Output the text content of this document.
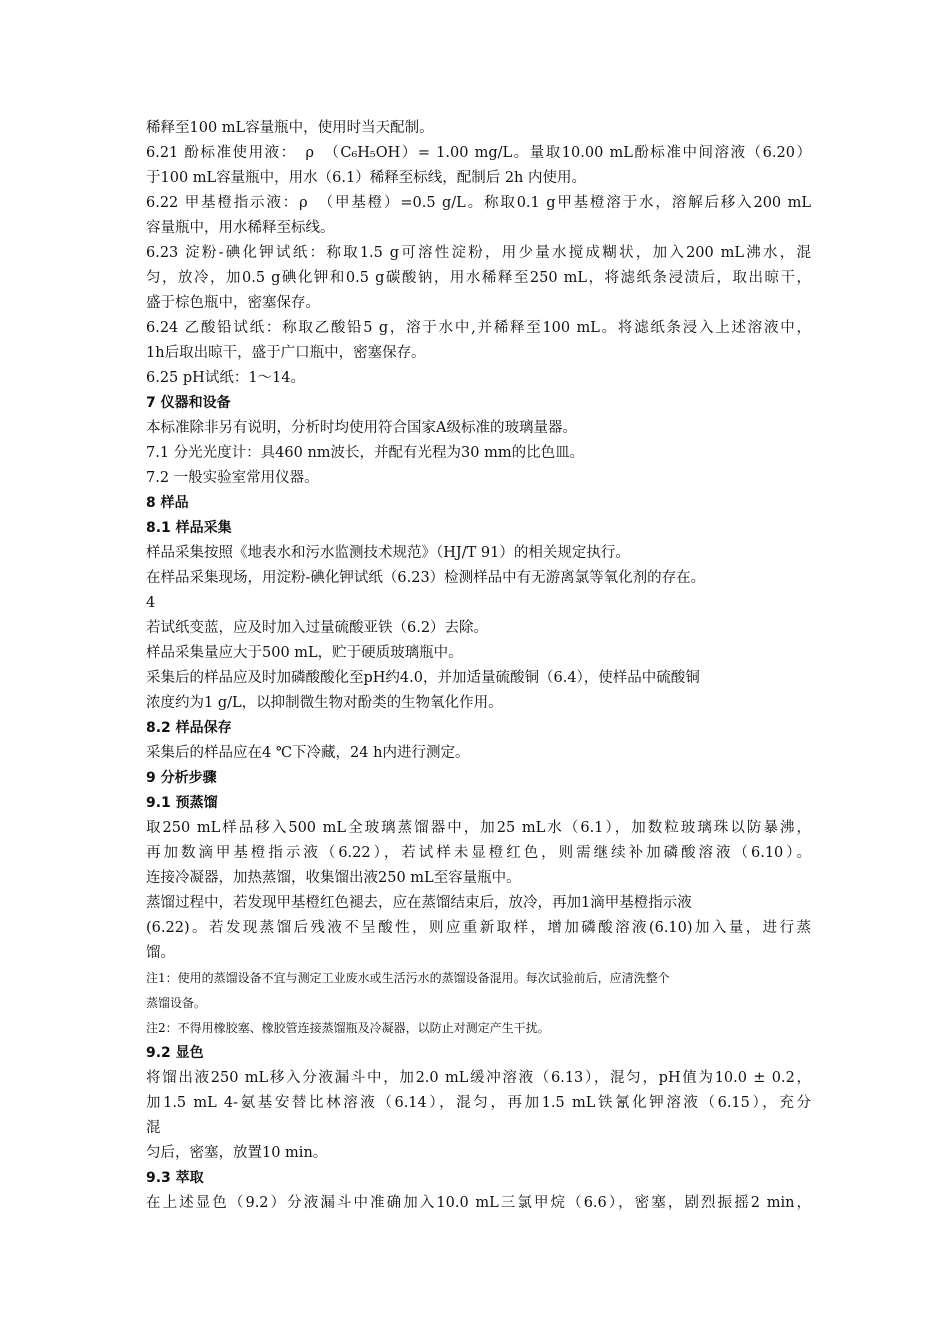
稀释至100 mL容量瓶中，使用时当天配制。
6.21 酚标准使用液：　ρ　（C₆H₅OH）= 1.00 mg/L。量取10.00 mL酚标准中间溶液（6.20）
于100 mL容量瓶中，用水（6.1）稀释至标线，配制后 2h 内使用。
6.22 甲基橙指示液：ρ　（甲基橙）=0.5 g/L。称取0.1 g甲基橙溶于水，溶解后移入200 mL
容量瓶中，用水稀释至标线。
6.23 淀粉-碘化钾试纸：称取1.5 g可溶性淀粉，用少量水搅成糊状，加入200 mL沸水，混
匀，放冷，加0.5 g碘化钾和0.5 g碳酸钠，用水稀释至250 mL，将滤纸条浸渍后，取出晾干，
盛于棕色瓶中，密塞保存。
6.24 乙酸铅试纸：称取乙酸铅5 g，溶于水中,并稀释至100 mL。将滤纸条浸入上述溶液中，
1h后取出晾干，盛于广口瓶中，密塞保存。
6.25 pH试纸：1～14。
7 仪器和设备
本标准除非另有说明，分析时均使用符合国家A级标准的玻璃量器。
7.1 分光光度计：具460 nm波长，并配有光程为30 mm的比色皿。
7.2 一般实验室常用仪器。
8 样品
8.1 样品采集
样品采集按照《地表水和污水监测技术规范》（HJ/T 91）的相关规定执行。
在样品采集现场，用淀粉-碘化钾试纸（6.23）检测样品中有无游离氯等氧化剂的存在。
4
若试纸变蓝，应及时加入过量硫酸亚铁（6.2）去除。
样品采集量应大于500 mL，贮于硬质玻璃瓶中。
采集后的样品应及时加磷酸酸化至pH约4.0，并加适量硫酸铜（6.4），使样品中硫酸铜
浓度约为1 g/L，以抑制微生物对酚类的生物氧化作用。
8.2 样品保存
采集后的样品应在4 ℃下冷藏，24 h内进行测定。
9 分析步骤
9.1 预蒸馏
取250 mL样品移入500 mL全玻璃蒸馏器中，加25 mL水（6.1），加数粒玻璃珠以防暴沸，
再加数滴甲基橙指示液（6.22），若试样未显橙红色，则需继续补加磷酸溶液（6.10）。
连接冷凝器，加热蒸馏，收集馏出液250 mL至容量瓶中。
蒸馏过程中，若发现甲基橙红色褪去，应在蒸馏结束后，放冷，再加1滴甲基橙指示液
(6.22)。若发现蒸馏后残液不呈酸性，则应重新取样，增加磷酸溶液(6.10)加入量，进行蒸
馏。
注1：使用的蒸馏设备不宜与测定工业废水或生活污水的蒸馏设备混用。每次试验前后，应清洗整个
蒸馏设备。
注2：不得用橡胶塞、橡胶管连接蒸馏瓶及冷凝器，以防止对测定产生干扰。
9.2 显色
将馏出液250 mL移入分液漏斗中，加2.0 mL缓冲溶液（6.13），混匀，pH值为10.0 ± 0.2，
加1.5 mL 4-氨基安替比林溶液（6.14），混匀，再加1.5 mL铁氰化钾溶液（6.15），充分
混
匀后，密塞，放置10 min。
9.3 萃取
在上述显色（9.2）分液漏斗中准确加入10.0 mL三氯甲烷（6.6），密塞，剧烈振摇2 min，
